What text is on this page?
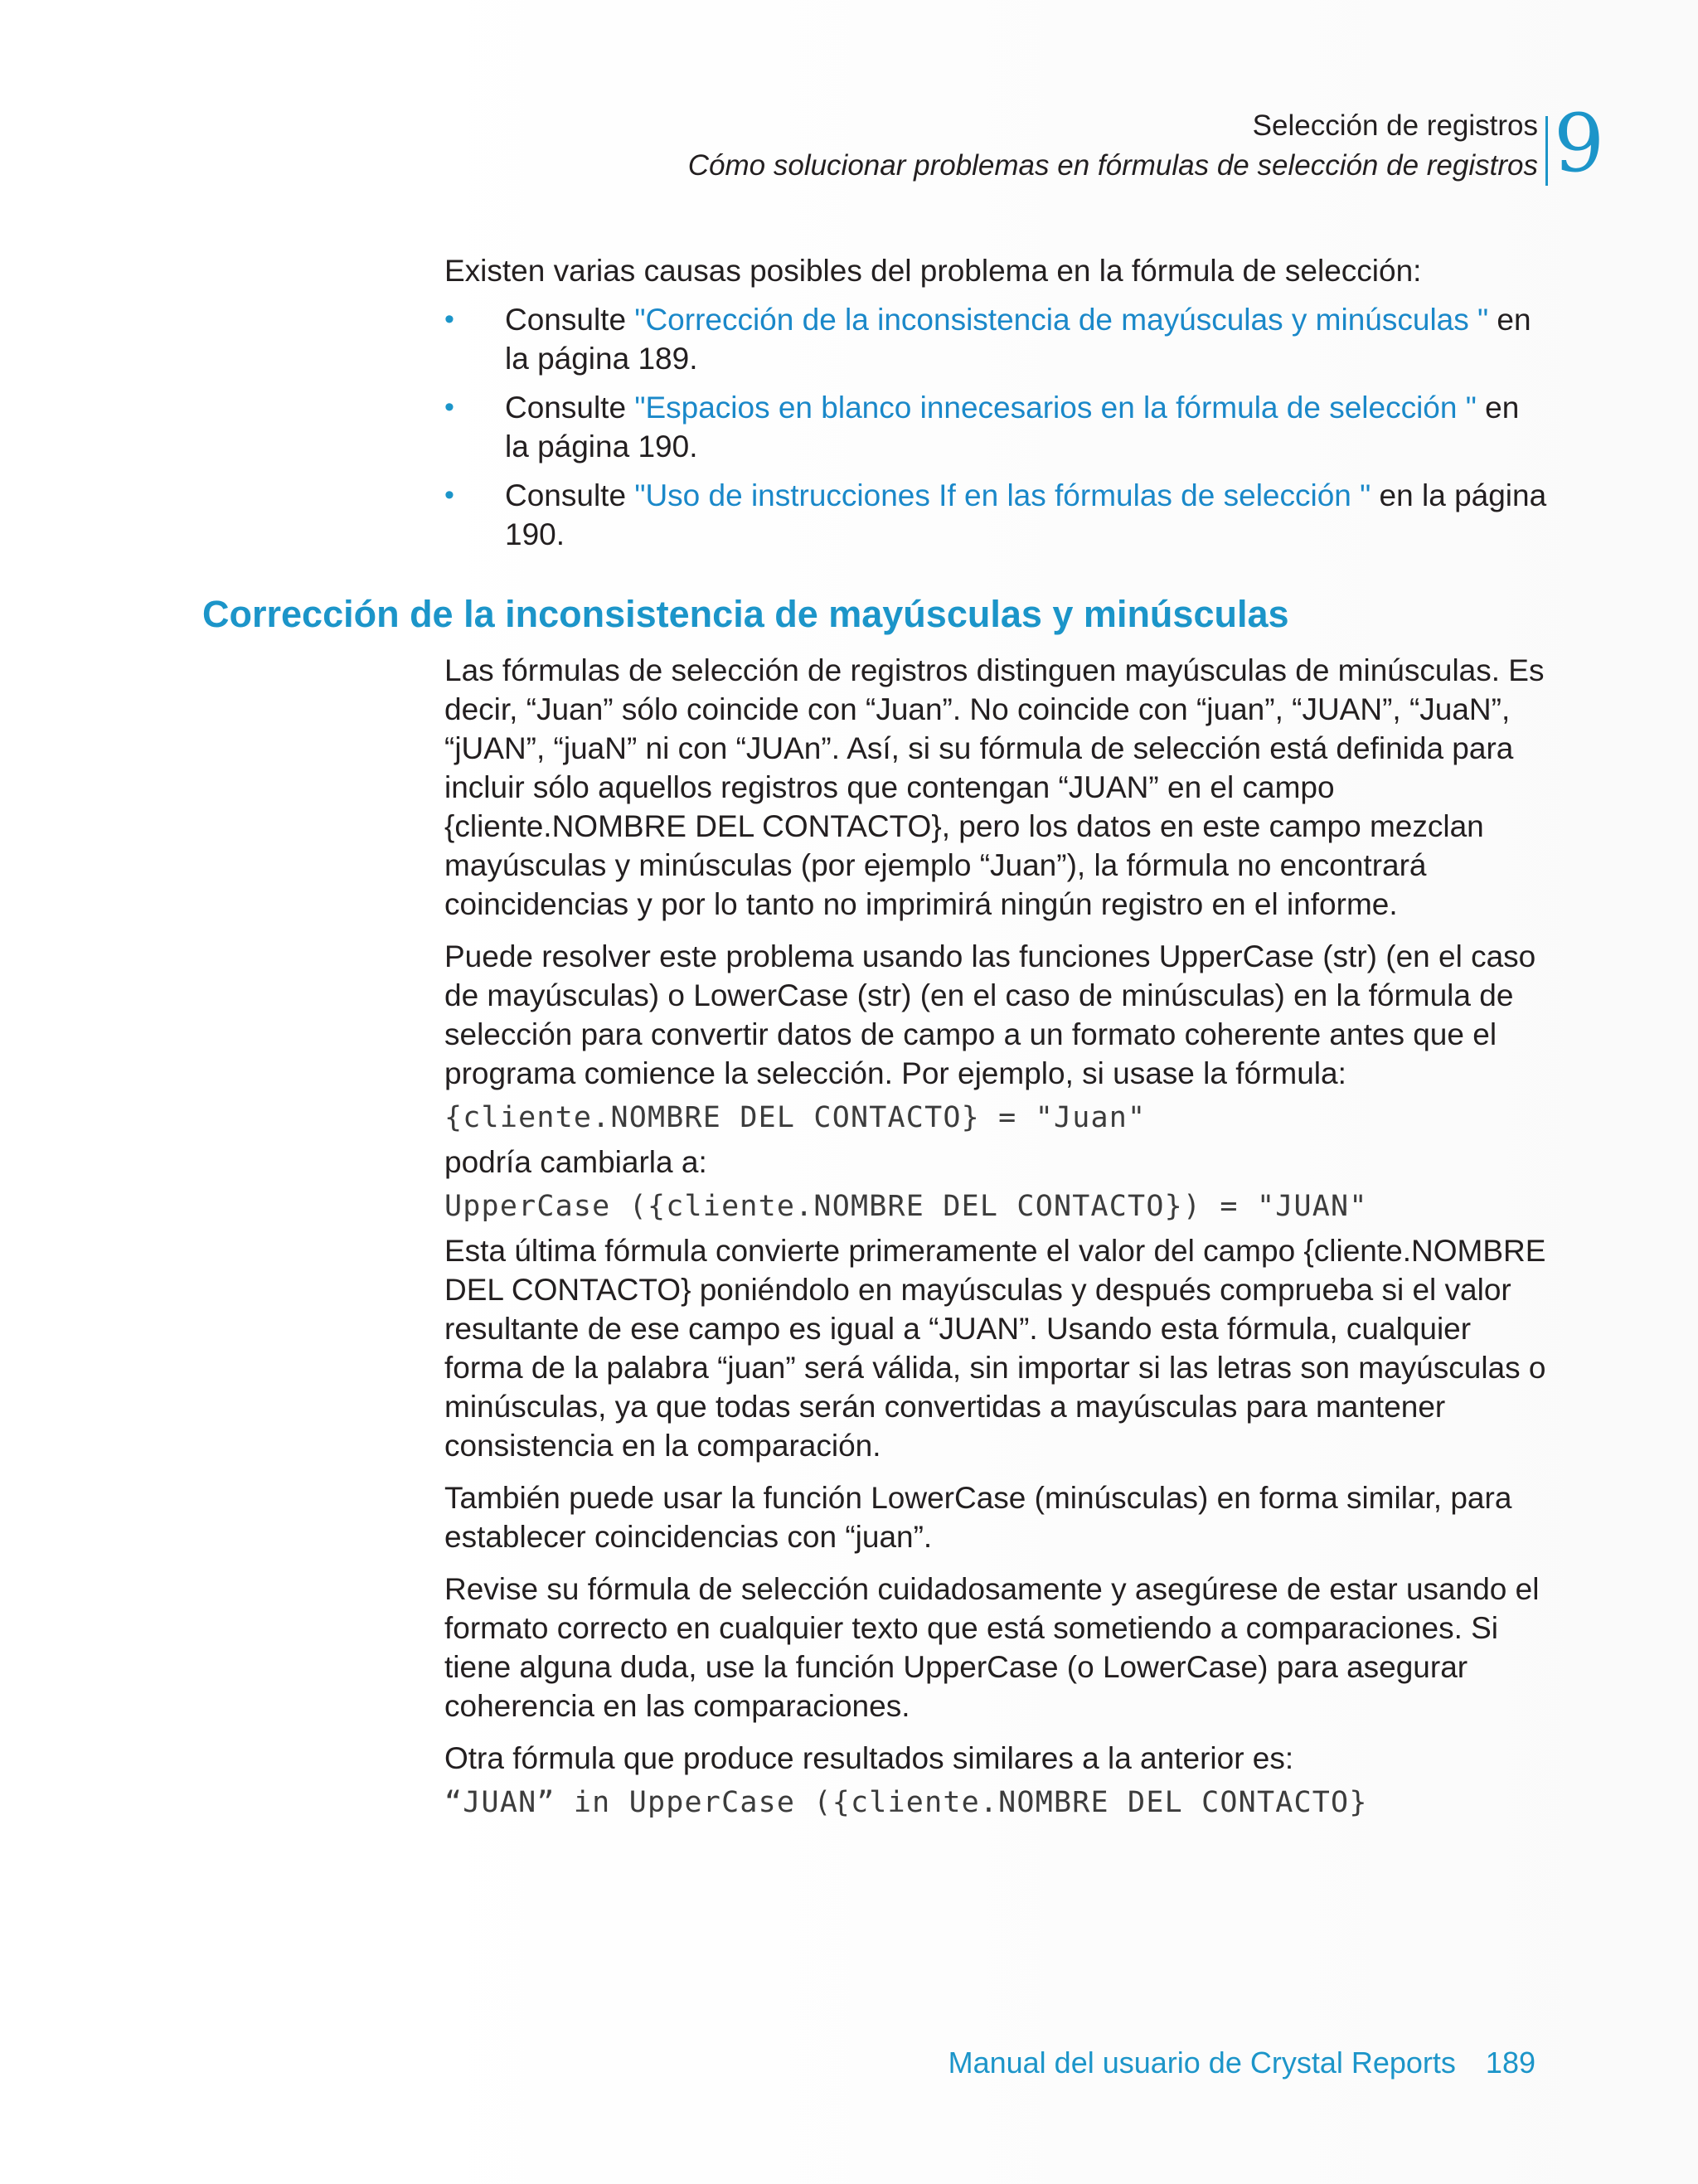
Selección de registros
Cómo solucionar problemas en fórmulas de selección de registros 9

Existen varias causas posibles del problema en la fórmula de selección:

• Consulte "Corrección de la inconsistencia de mayúsculas y minúsculas " en la página 189.
• Consulte "Espacios en blanco innecesarios en la fórmula de selección " en la página 190.
• Consulte "Uso de instrucciones If en las fórmulas de selección " en la página 190.
Corrección de la inconsistencia de mayúsculas y minúsculas

Las fórmulas de selección de registros distinguen mayúsculas de minúsculas. Es decir, “Juan” sólo coincide con “Juan”. No coincide con “juan”, “JUAN”, “JuaN”, “jUAN”, “juaN” ni con “JUAn”. Así, si su fórmula de selección está definida para incluir sólo aquellos registros que contengan “JUAN” en el campo {cliente.NOMBRE DEL CONTACTO}, pero los datos en este campo mezclan mayúsculas y minúsculas (por ejemplo “Juan”), la fórmula no encontrará coincidencias y por lo tanto no imprimirá ningún registro en el informe.

Puede resolver este problema usando las funciones UpperCase (str) (en el caso de mayúsculas) o LowerCase (str) (en el caso de minúsculas) en la fórmula de selección para convertir datos de campo a un formato coherente antes que el programa comience la selección. Por ejemplo, si usase la fórmula:

{cliente.NOMBRE DEL CONTACTO} = "Juan"

podría cambiarla a:

UpperCase ({cliente.NOMBRE DEL CONTACTO}) = "JUAN"

Esta última fórmula convierte primeramente el valor del campo {cliente.NOMBRE DEL CONTACTO} poniéndolo en mayúsculas y después comprueba si el valor resultante de ese campo es igual a “JUAN”. Usando esta fórmula, cualquier forma de la palabra “juan” será válida, sin importar si las letras son mayúsculas o minúsculas, ya que todas serán convertidas a mayúsculas para mantener consistencia en la comparación.

También puede usar la función LowerCase (minúsculas) en forma similar, para establecer coincidencias con “juan”.

Revise su fórmula de selección cuidadosamente y asegúrese de estar usando el formato correcto en cualquier texto que está sometiendo a comparaciones. Si tiene alguna duda, use la función UpperCase (o LowerCase) para asegurar coherencia en las comparaciones.

Otra fórmula que produce resultados similares a la anterior es:

“JUAN” in UpperCase ({cliente.NOMBRE DEL CONTACTO}
Manual del usuario de Crystal Reports 189
